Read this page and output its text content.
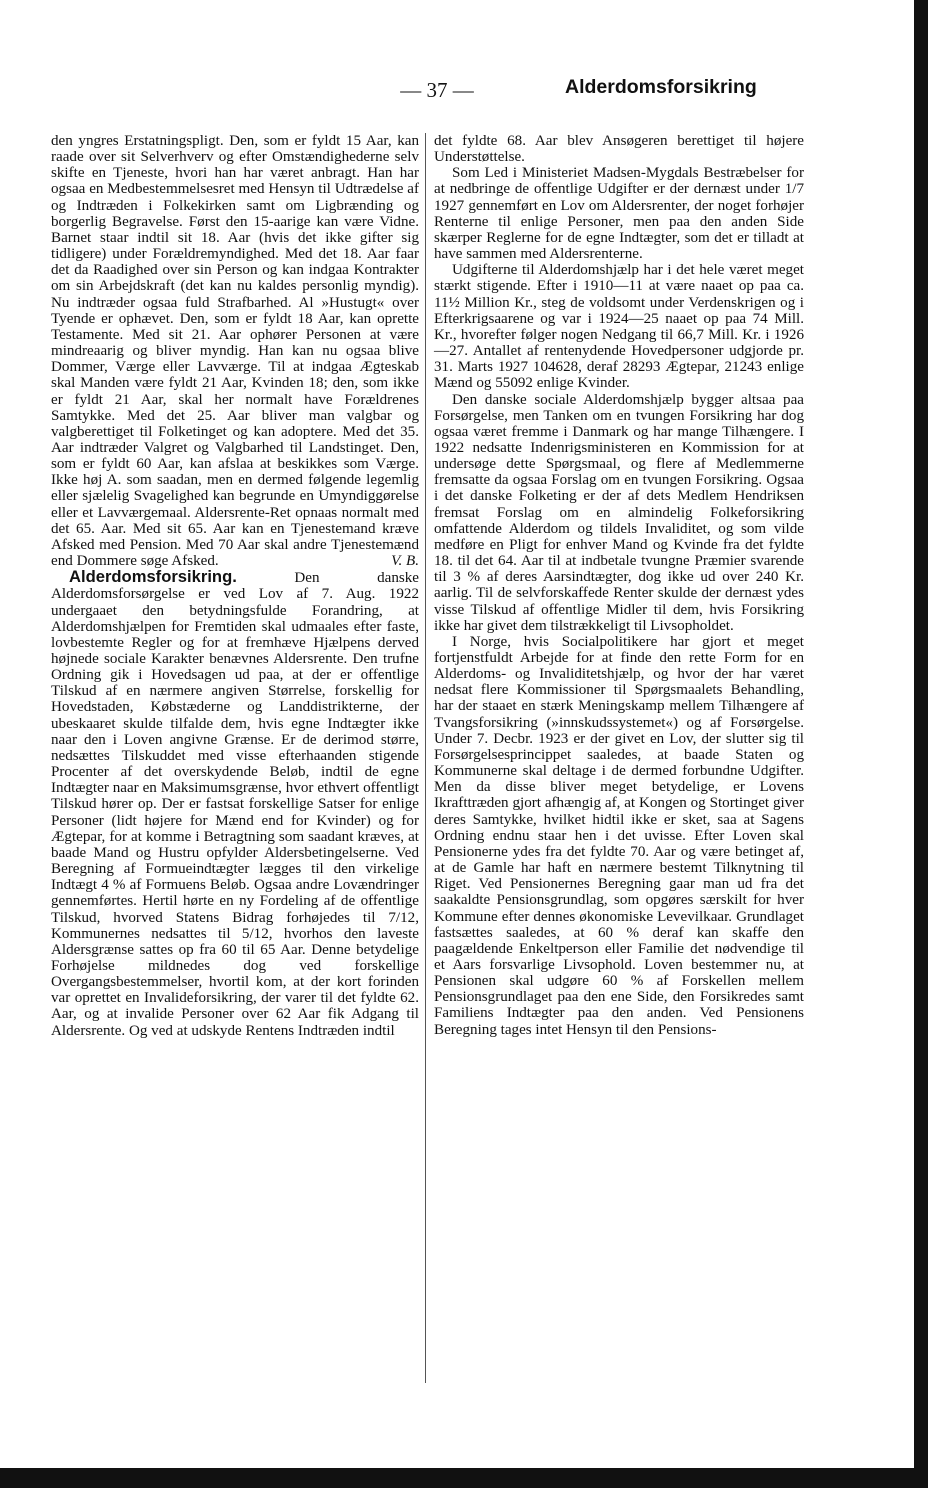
— 37 —	Alderdomsforsikring

den yngres Erstatningspligt. Den, som er fyldt 15 Aar, kan raade over sit Selverhverv og efter Omstændighederne selv skifte en Tjeneste, hvori han har været anbragt. Han har ogsaa en Medbestemmelsesret med Hensyn til Udtrædelse af og Indtræden i Folkekirken samt om Ligbrænding og borgerlig Begravelse. Først den 15-aarige kan være Vidne. Barnet staar indtil sit 18. Aar (hvis det ikke gifter sig tidligere) under Forældremyndighed. Med det 18. Aar faar det da Raadighed over sin Person og kan indgaa Kontrakter om sin Arbejdskraft (det kan nu kaldes personlig myndig). Nu indtræder ogsaa fuld Strafbarhed. Al »Hustugt« over Tyende er ophævet. Den, som er fyldt 18 Aar, kan oprette Testamente. Med sit 21. Aar ophører Personen at være mindreaarig og bliver myndig. Han kan nu ogsaa blive Dommer, Værge eller Lavværge. Til at indgaa Ægteskab skal Manden være fyldt 21 Aar, Kvinden 18; den, som ikke er fyldt 21 Aar, skal her normalt have Forældrenes Samtykke. Med det 25. Aar bliver man valgbar og valgberettiget til Folketinget og kan adoptere. Med det 35. Aar indtræder Valgret og Valgbarhed til Landstinget. Den, som er fyldt 60 Aar, kan afslaa at beskikkes som Værge. Ikke høj A. som saadan, men en dermed følgende legemlig eller sjælelig Svagelighed kan begrunde en Umyndiggørelse eller et Lavværgemaal. Aldersrente-Ret opnaas normalt med det 65. Aar. Med sit 65. Aar kan en Tjenestemand kræve Afsked med Pension. Med 70 Aar skal andre Tjenestemænd end Dommere søge Afsked.	V. B.

Alderdomsforsikring.	Den danske Alderdomsforsørgelse er ved Lov af 7. Aug. 1922 undergaaet den betydningsfulde Forandring, at Alderdomshjælpen for Fremtiden skal udmaales efter faste, lovbestemte Regler og for at fremhæve Hjælpens derved højnede sociale Karakter benævnes Aldersrente. Den trufne Ordning gik i Hovedsagen ud paa, at der er offentlige Tilskud af en nærmere angiven Størrelse, forskellig for Hovedstaden, Købstæderne og Landdistrikterne, der ubeskaaret skulde tilfalde dem, hvis egne Indtægter ikke naar den i Loven angivne Grænse. Er de derimod større, nedsættes Tilskuddet med visse efterhaanden stigende Procenter af det overskydende Beløb, indtil de egne Indtægter naar en Maksimumsgrænse, hvor ethvert offentligt Tilskud hører op. Der er fastsat forskellige Satser for enlige Personer (lidt højere for Mænd end for Kvinder) og for Ægtepar, for at komme i Betragtning som saadant kræves, at baade Mand og Hustru opfylder Aldersbetingelserne. Ved Beregning af Formueindtægter lægges til den virkelige Indtægt 4 % af Formuens Beløb. Ogsaa andre Lovændringer gennemførtes. Hertil hørte en ny Fordeling af de offentlige Tilskud, hvorved Statens Bidrag forhøjedes til 7/12, Kommunernes nedsattes til 5/12, hvorhos den laveste Aldersgrænse sattes op fra 60 til 65 Aar. Denne betydelige Forhøjelse mildnedes dog ved forskellige Overgangsbestemmelser, hvortil kom, at der kort forinden var oprettet en Invalideforsikring, der varer til det fyldte 62. Aar, og at invalide Personer over 62 Aar fik Adgang til Aldersrente. Og ved at udskyde Rentens Indtræden indtil

det fyldte 68. Aar blev Ansøgeren berettiget til højere Understøttelse.

Som Led i Ministeriet Madsen-Mygdals Bestræbelser for at nedbringe de offentlige Udgifter er der dernæst under 1/7 1927 gennemført en Lov om Aldersrenter, der noget forhøjer Renterne til enlige Personer, men paa den anden Side skærper Reglerne for de egne Indtægter, som det er tilladt at have sammen med Aldersrenterne.

Udgifterne til Alderdomshjælp har i det hele været meget stærkt stigende. Efter i 1910—11 at være naaet op paa ca. 11½ Million Kr., steg de voldsomt under Verdenskrigen og i Efterkrigsaarene og var i 1924—25 naaet op paa 74 Mill. Kr., hvorefter følger nogen Nedgang til 66,7 Mill. Kr. i 1926—27. Antallet af rentenydende Hovedpersoner udgjorde pr. 31. Marts 1927 104628, deraf 28293 Ægtepar, 21243 enlige Mænd og 55092 enlige Kvinder.

Den danske sociale Alderdomshjælp bygger altsaa paa Forsørgelse, men Tanken om en tvungen Forsikring har dog ogsaa været fremme i Danmark og har mange Tilhængere. I 1922 nedsatte Indenrigsministeren en Kommission for at undersøge dette Spørgsmaal, og flere af Medlemmerne fremsatte da ogsaa Forslag om en tvungen Forsikring. Ogsaa i det danske Folketing er der af dets Medlem Hendriksen fremsat Forslag om en almindelig Folkeforsikring omfattende Alderdom og tildels Invaliditet, og som vilde medføre en Pligt for enhver Mand og Kvinde fra det fyldte 18. til det 64. Aar til at indbetale tvungne Præmier svarende til 3 % af deres Aarsindtægter, dog ikke ud over 240 Kr. aarlig. Til de selvforskaffede Renter skulde der dernæst ydes visse Tilskud af offentlige Midler til dem, hvis Forsikring ikke har givet dem tilstrækkeligt til Livsopholdet.

I Norge, hvis Socialpolitikere har gjort et meget fortjenstfuldt Arbejde for at finde den rette Form for en Alderdoms- og Invaliditetshjælp, og hvor der har været nedsat flere Kommissioner til Spørgsmaalets Behandling, har der staaet en stærk Meningskamp mellem Tilhængere af Tvangsforsikring (»innskudssystemet«) og af Forsørgelse. Under 7. Decbr. 1923 er der givet en Lov, der slutter sig til Forsørgelsesprincippet saaledes, at baade Staten og Kommunerne skal deltage i de dermed forbundne Udgifter. Men da disse bliver meget betydelige, er Lovens Ikrafttræden gjort afhængig af, at Kongen og Stortinget giver deres Samtykke, hvilket hidtil ikke er sket, saa at Sagens Ordning endnu staar hen i det uvisse. Efter Loven skal Pensionerne ydes fra det fyldte 70. Aar og være betinget af, at de Gamle har haft en nærmere bestemt Tilknytning til Riget. Ved Pensionernes Beregning gaar man ud fra det saakaldte Pensionsgrundlag, som opgøres særskilt for hver Kommune efter dennes økonomiske Levevilkaar. Grundlaget fastsættes saaledes, at 60 % deraf kan skaffe den paagældende Enkeltperson eller Familie det nødvendige til et Aars forsvarlige Livsophold. Loven bestemmer nu, at Pensionen skal udgøre 60 % af Forskellen mellem Pensionsgrundlaget paa den ene Side, den Forsikredes samt Familiens Indtægter paa den anden. Ved Pensionens Beregning tages intet Hensyn til den Pensions-
